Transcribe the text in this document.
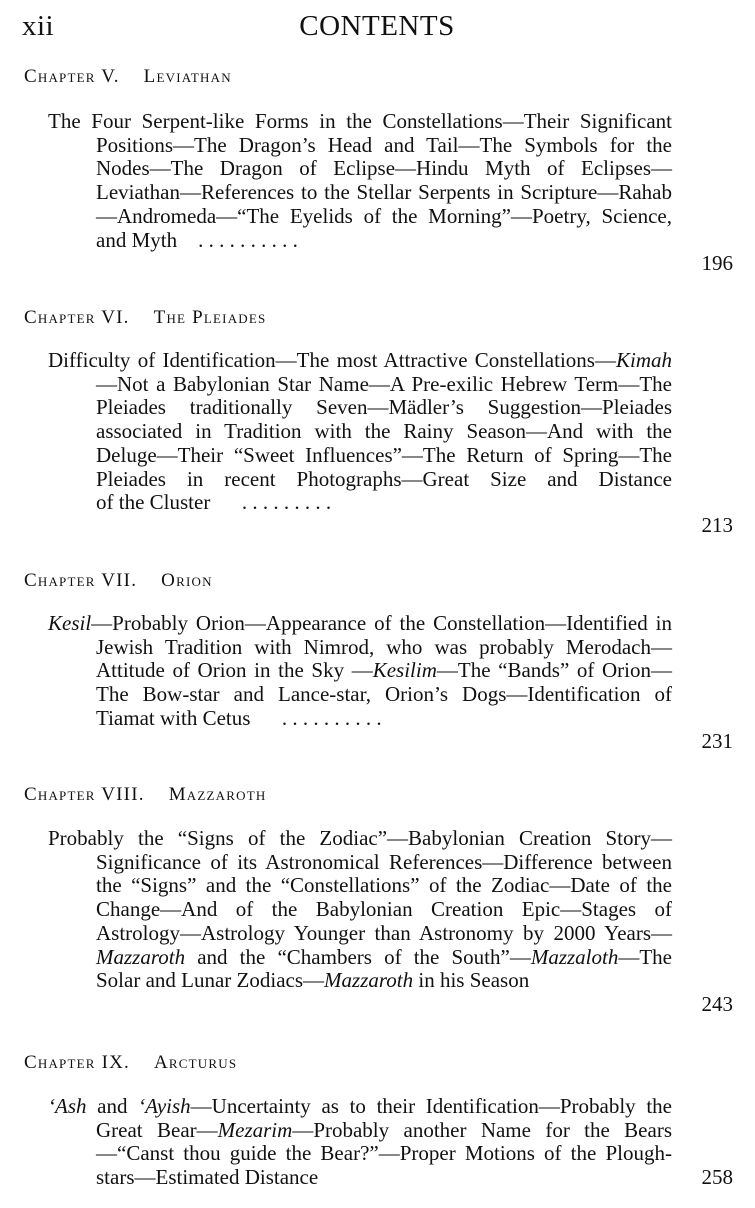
xii	CONTENTS
Chapter V. Leviathan
The Four Serpent-like Forms in the Constellations—Their Significant Positions—The Dragon’s Head and Tail—The Symbols for the Nodes—The Dragon of Eclipse—Hindu Myth of Eclipses—Leviathan—References to the Stellar Serpents in Scripture—Rahab—Andromeda—“The Eyelids of the Morning”—Poetry, Science, and Myth . . . . . . . . . .
196
Chapter VI. The Pleiades
Difficulty of Identification—The most Attractive Constellations—Kimah—Not a Babylonian Star Name—A Pre-exilic Hebrew Term—The Pleiades traditionally Seven—Mädler’s Suggestion—Pleiades associated in Tradition with the Rainy Season—And with the Deluge—Their “Sweet Influences”—The Return of Spring—The Pleiades in recent Photographs—Great Size and Distance of the Cluster . . . . . . . . .
213
Chapter VII. Orion
Kesil—Probably Orion—Appearance of the Constellation—Identified in Jewish Tradition with Nimrod, who was probably Merodach—Attitude of Orion in the Sky —Kesilim—The “Bands” of Orion—The Bow-star and Lance-star, Orion’s Dogs—Identification of Tiamat with Cetus . . . . . . . . . .
231
Chapter VIII. Mazzaroth
Probably the “Signs of the Zodiac”—Babylonian Creation Story—Significance of its Astronomical References—Difference between the “Signs” and the “Constellations” of the Zodiac—Date of the Change—And of the Babylonian Creation Epic—Stages of Astrology—Astrology Younger than Astronomy by 2000 Years—Mazzaroth and the “Chambers of the South”—Mazzaloth—The Solar and Lunar Zodiacs—Mazzaroth in his Season
243
Chapter IX. Arcturus
‘Ash and ‘Ayish—Uncertainty as to their Identification—Probably the Great Bear—Mezarim—Probably another Name for the Bears—“Canst thou guide the Bear?”—Proper Motions of the Plough-stars—Estimated Distance	258
